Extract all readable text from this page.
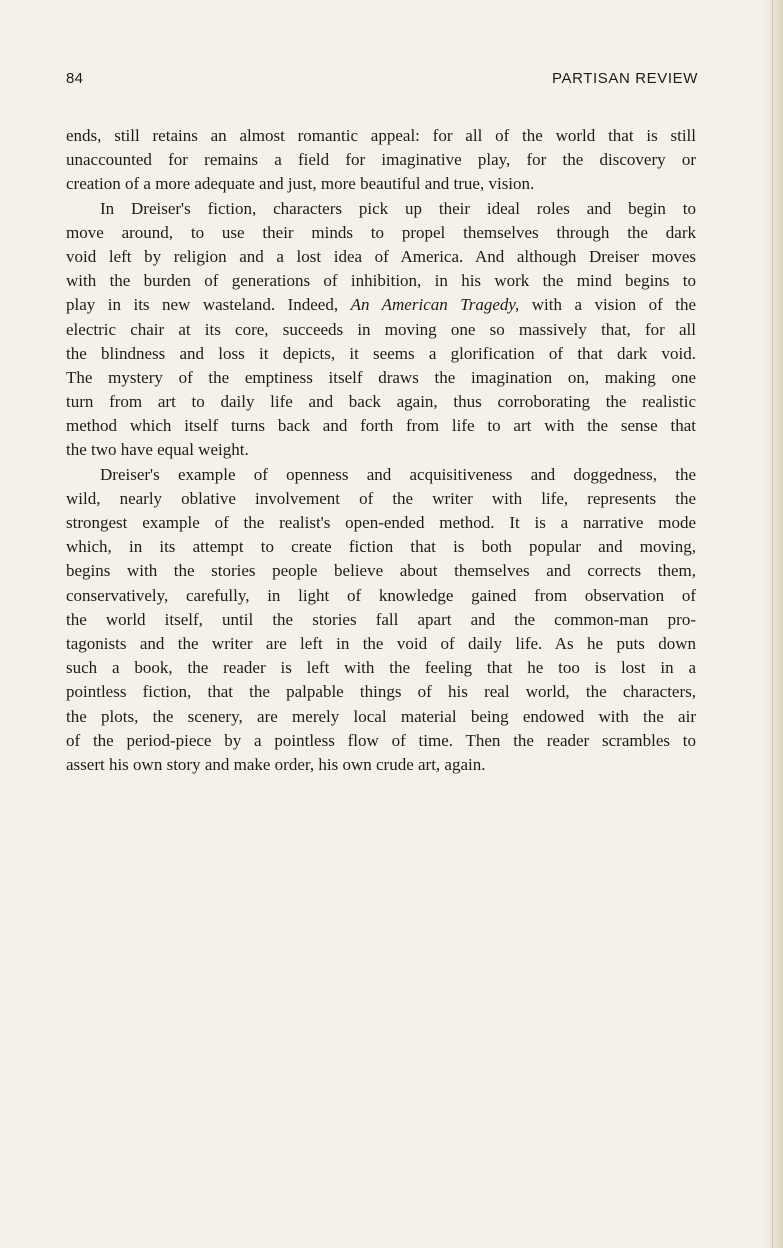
84	PARTISAN REVIEW
ends, still retains an almost romantic appeal: for all of the world that is still
unaccounted for remains a field for imaginative play, for the discovery or
creation of a more adequate and just, more beautiful and true, vision.
In Dreiser's fiction, characters pick up their ideal roles and begin to
move around, to use their minds to propel themselves through the dark
void left by religion and a lost idea of America. And although Dreiser moves
with the burden of generations of inhibition, in his work the mind begins to
play in its new wasteland. Indeed, An American Tragedy, with a vision of the
electric chair at its core, succeeds in moving one so massively that, for all
the blindness and loss it depicts, it seems a glorification of that dark void.
The mystery of the emptiness itself draws the imagination on, making one
turn from art to daily life and back again, thus corroborating the realistic
method which itself turns back and forth from life to art with the sense that
the two have equal weight.
Dreiser's example of openness and acquisitiveness and doggedness, the
wild, nearly oblative involvement of the writer with life, represents the
strongest example of the realist's open-ended method. It is a narrative mode
which, in its attempt to create fiction that is both popular and moving,
begins with the stories people believe about themselves and corrects them,
conservatively, carefully, in light of knowledge gained from observation of
the world itself, until the stories fall apart and the common-man pro-
tagonists and the writer are left in the void of daily life. As he puts down
such a book, the reader is left with the feeling that he too is lost in a
pointless fiction, that the palpable things of his real world, the characters,
the plots, the scenery, are merely local material being endowed with the air
of the period-piece by a pointless flow of time. Then the reader scrambles to
assert his own story and make order, his own crude art, again.
